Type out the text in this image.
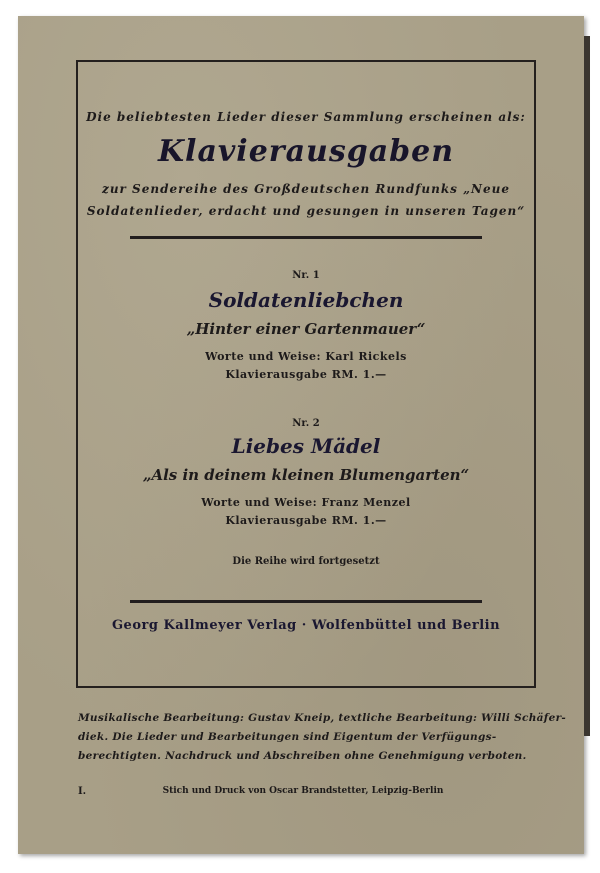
Die beliebtesten Lieder dieser Sammlung erscheinen als:
Klavierausgaben
zur Sendereihe des Großdeutschen Rundfunks „Neue
Soldatenlieder, erdacht und gesungen in unseren Tagen“
Nr. 1
Soldatenliebchen
„Hinter einer Gartenmauer“
Worte und Weise: Karl Rickels
Klavierausgabe RM. 1.—
Nr. 2
Liebes Mädel
„Als in deinem kleinen Blumengarten“
Worte und Weise: Franz Menzel
Klavierausgabe RM. 1.—
Die Reihe wird fortgesetzt
Georg Kallmeyer Verlag · Wolfenbüttel und Berlin
Musikalische Bearbeitung: Gustav Kneip, textliche Bearbeitung: Willi Schäfer-
diek. Die Lieder und Bearbeitungen sind Eigentum der Verfügungs-
berechtigten. Nachdruck und Abschreiben ohne Genehmigung verboten.
I.	Stich und Druck von Oscar Brandstetter, Leipzig-Berlin
